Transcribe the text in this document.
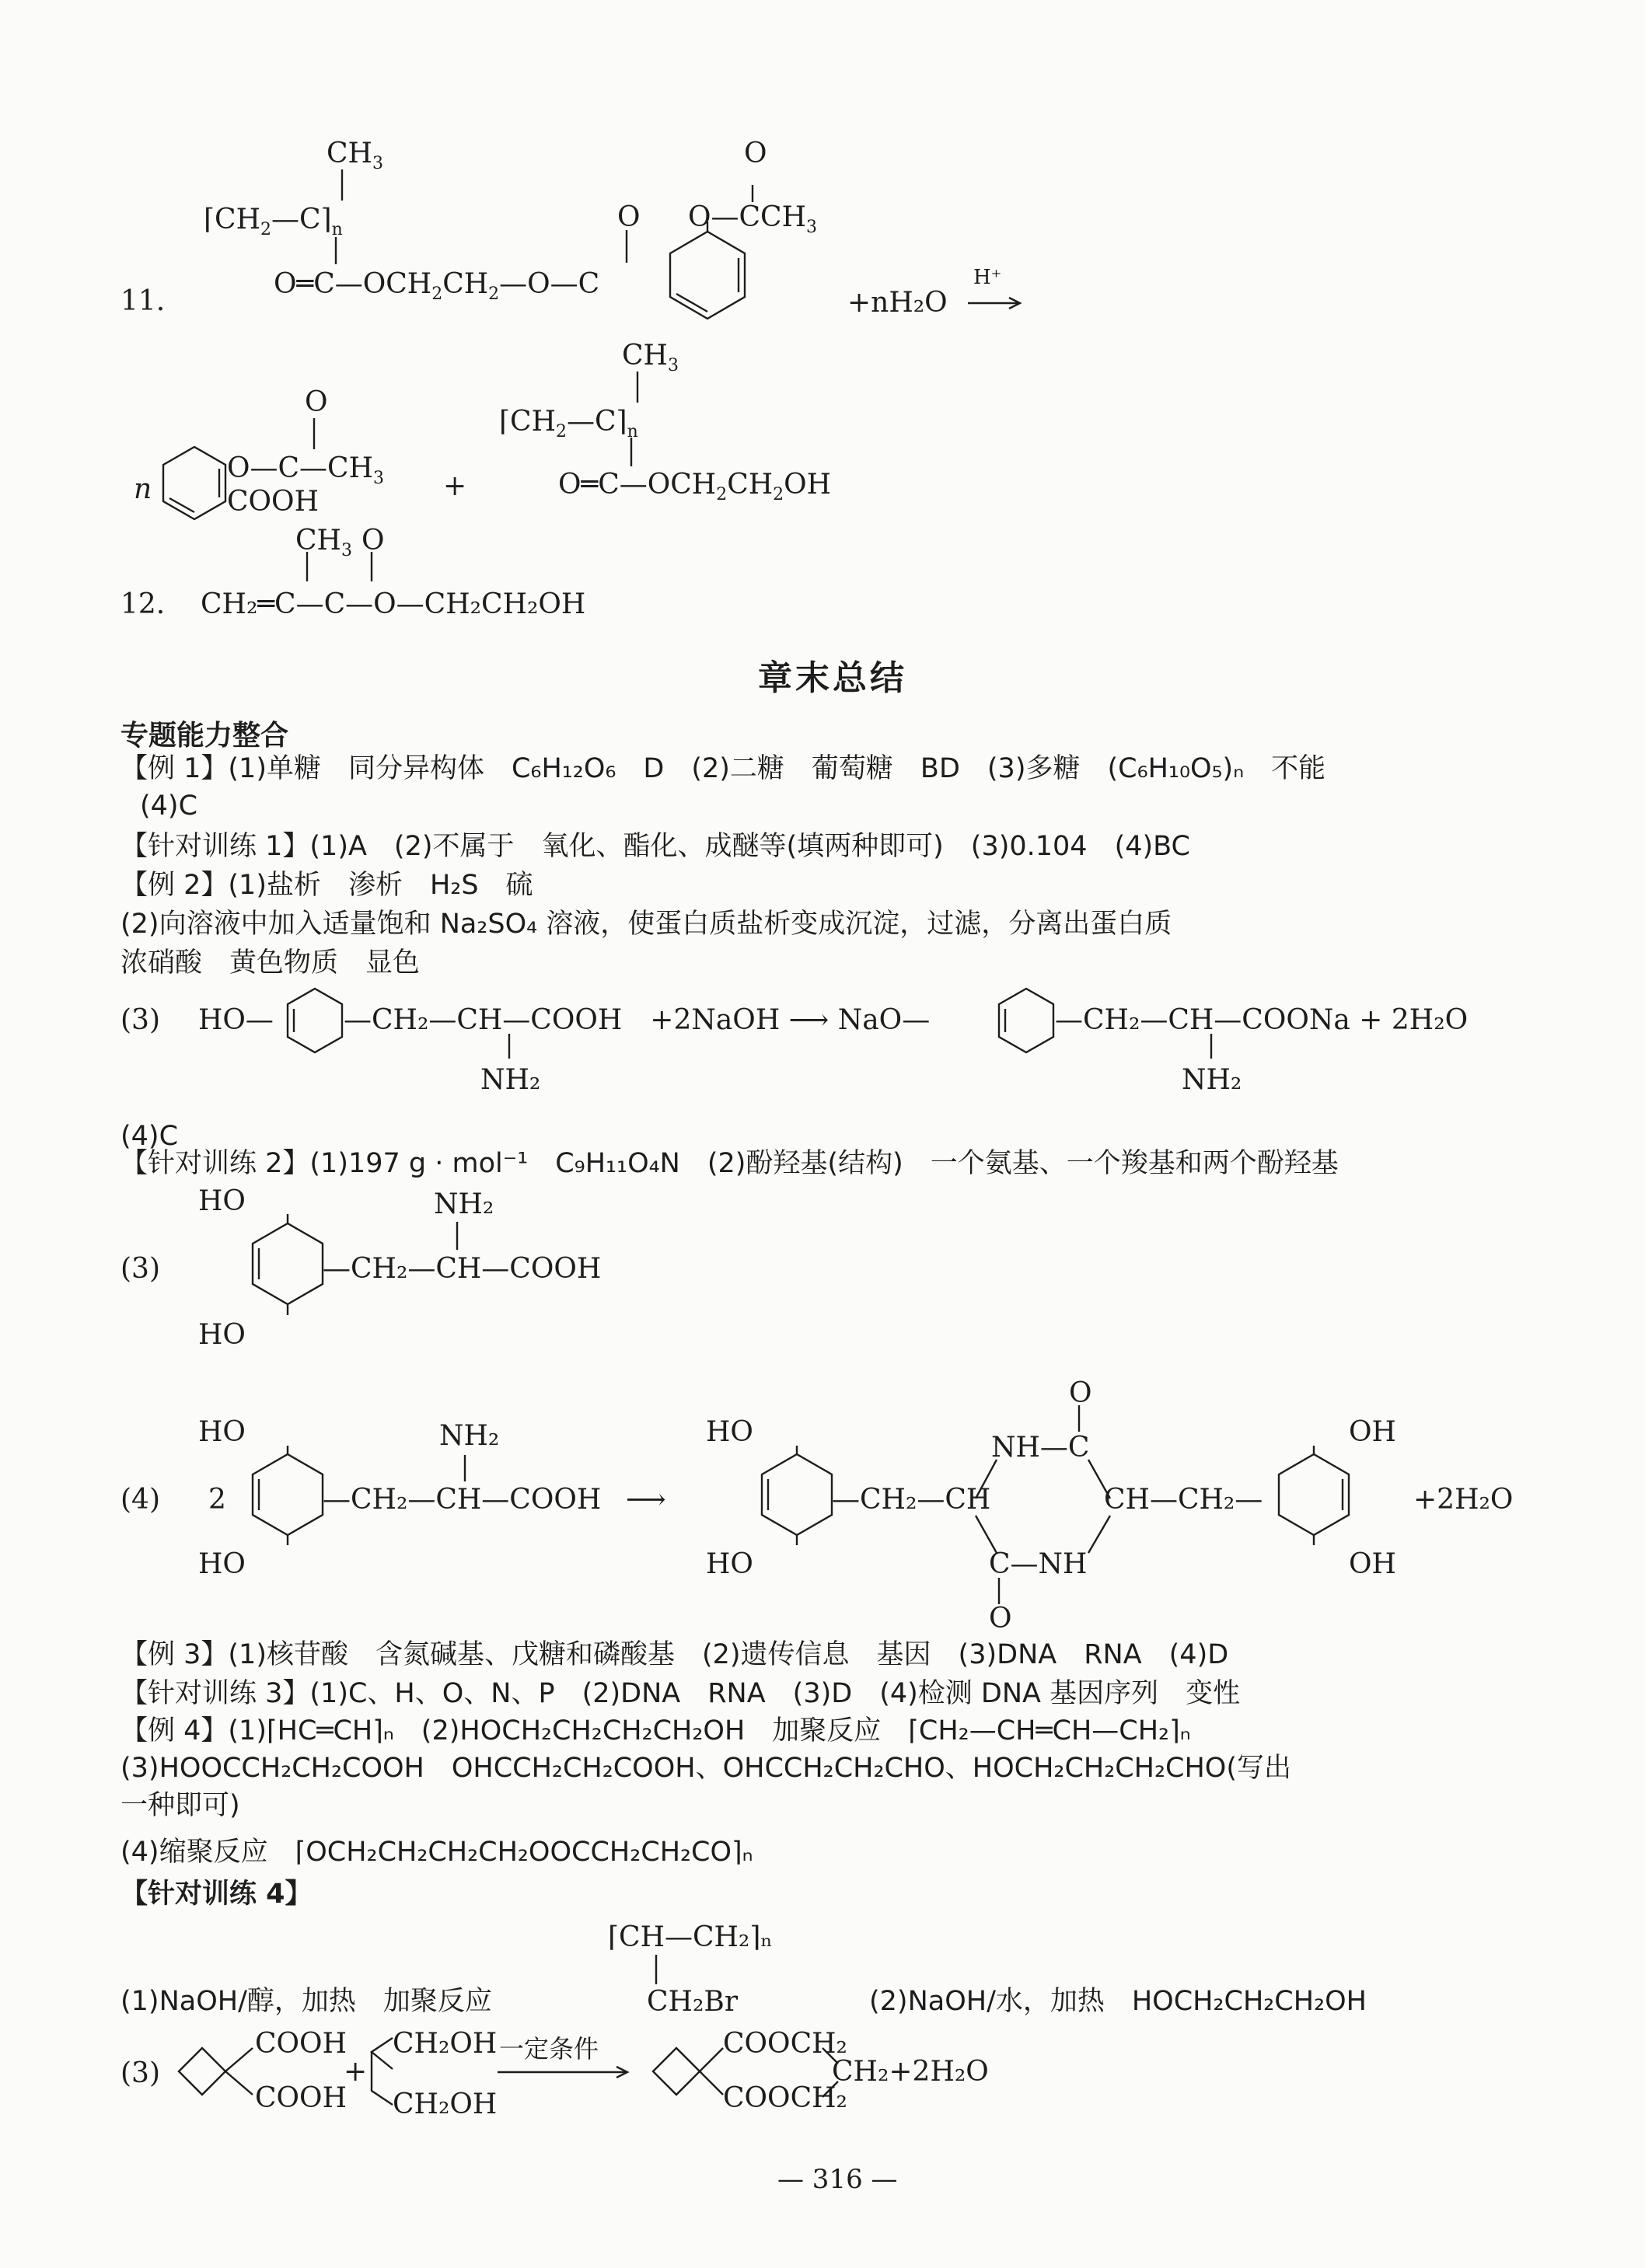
11.
$CH_3$
$⌈CH_2—C⌉_n$
$O═C—OCH_2CH_2—O—C$
O
O
$O—CCH_3$
+nH₂O
H⁺
n
O
$O—C—CH_3$
COOH	+
$CH_3$
$⌈CH_2—C⌉_n$
$O═C—OCH_2CH_2OH$
$CH_3$ O
12. CH₂═C—C—O—CH₂CH₂OH
章末总结
专题能力整合
【例 1】(1)单糖　同分异构体　C₆H₁₂O₆　D　(2)二糖　葡萄糖　BD　(3)多糖　(C₆H₁₀O₅)ₙ　不能
(4)C
【针对训练 1】(1)A　(2)不属于　氧化、酯化、成醚等(填两种即可)　(3)0.104　(4)BC
【例 2】(1)盐析　渗析　H₂S　硫
(2)向溶液中加入适量饱和 Na₂SO₄ 溶液，使蛋白质盐析变成沉淀，过滤，分离出蛋白质
浓硝酸　黄色物质　显色
(3) HO—	—CH₂—CH—COOH　+2NaOH ⟶ NaO—	—CH₂—CH—COONa + 2H₂O
NH₂	NH₂
(4)C
【针对训练 2】(1)197 g · mol⁻¹　C₉H₁₁O₄N　(2)酚羟基(结构)　一个氨基、一个羧基和两个酚羟基
HO	NH₂
(3)	—CH₂—CH—COOH
HO
HO	NH₂
(4) 2	—CH₂—CH—COOH ⟶
HO
HO
HO
—CH₂—CH
O
NH—C
CH—CH₂—
C—NH
O
OH
OH
+2H₂O
【例 3】(1)核苷酸　含氮碱基、戊糖和磷酸基　(2)遗传信息　基因　(3)DNA　RNA　(4)D
【针对训练 3】(1)C、H、O、N、P　(2)DNA　RNA　(3)D　(4)检测 DNA 基因序列　变性
【例 4】(1)⌈HC═CH⌉ₙ　(2)HOCH₂CH₂CH₂CH₂OH　加聚反应　⌈CH₂—CH═CH—CH₂⌉ₙ
(3)HOOCCH₂CH₂COOH　OHCCH₂CH₂COOH、OHCCH₂CH₂CHO、HOCH₂CH₂CH₂CHO(写出
一种即可)
(4)缩聚反应　⌈OCH₂CH₂CH₂CH₂OOCCH₂CH₂CO⌉ₙ
【针对训练 4】
⌈CH—CH₂⌉ₙ
(1)NaOH/醇，加热　加聚反应	CH₂Br	(2)NaOH/水，加热　HOCH₂CH₂CH₂OH
(3)
COOH
COOH
+
CH₂OH
CH₂OH
一定条件	COOCH₂
COOCH₂
CH₂+2H₂O
— 316 —
